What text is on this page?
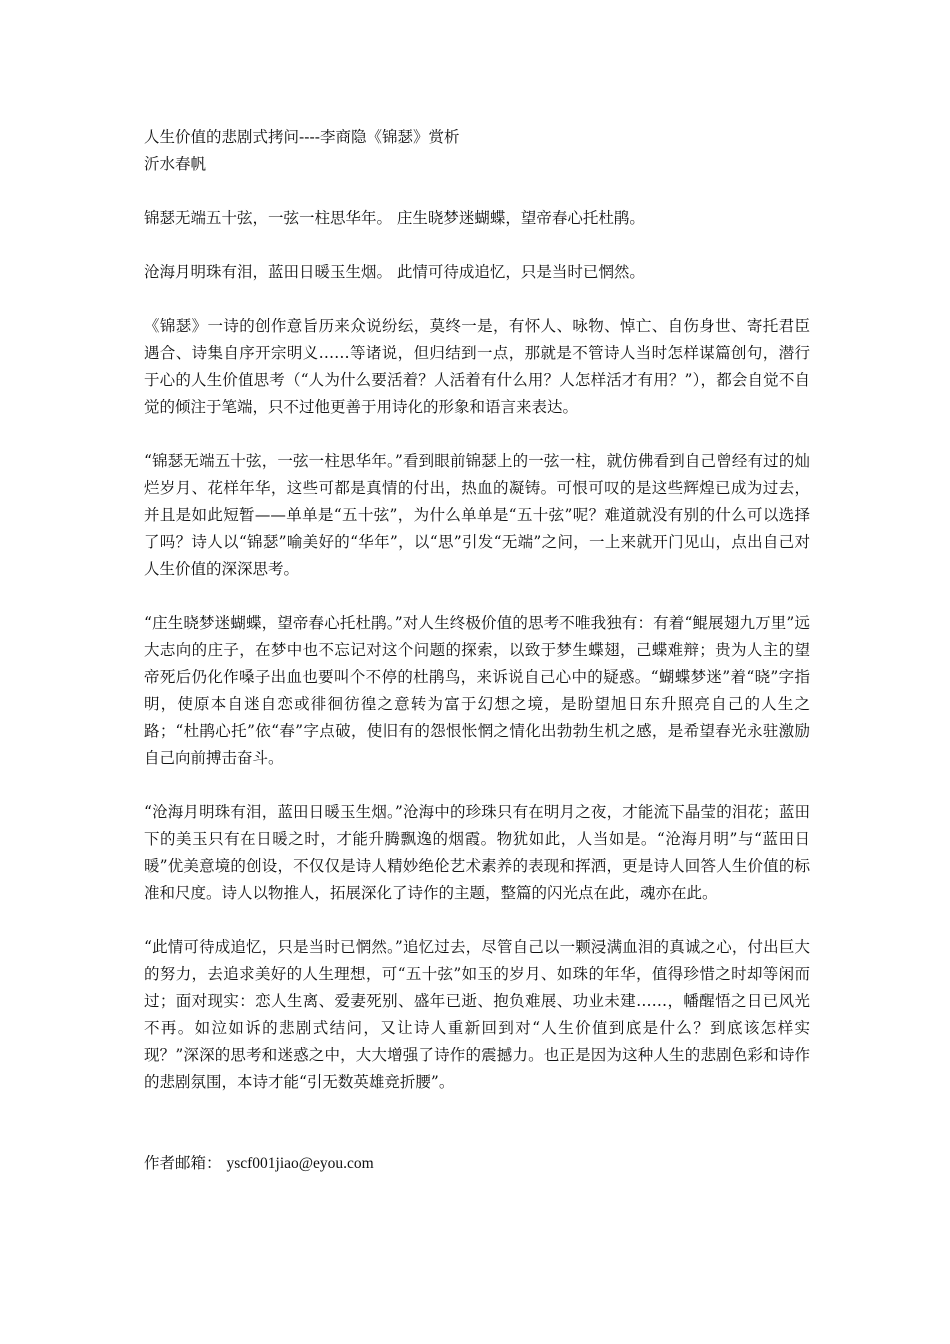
人生价值的悲剧式拷问----李商隐《锦瑟》赏析

沂水春帆

锦瑟无端五十弦，一弦一柱思华年。 庄生晓梦迷蝴蝶，望帝春心托杜鹃。

沧海月明珠有泪，蓝田日暖玉生烟。 此情可待成追忆，只是当时已惘然。

《锦瑟》一诗的创作意旨历来众说纷纭，莫终一是，有怀人、咏物、悼亡、自伤身世、寄托君臣遇合、诗集自序开宗明义……等诸说，但归结到一点，那就是不管诗人当时怎样谋篇创句，潜行于心的人生价值思考（“人为什么要活着？人活着有什么用？人怎样活才有用？”），都会自觉不自觉的倾注于笔端，只不过他更善于用诗化的形象和语言来表达。

“锦瑟无端五十弦，一弦一柱思华年。”看到眼前锦瑟上的一弦一柱，就仿佛看到自己曾经有过的灿烂岁月、花样年华，这些可都是真情的付出，热血的凝铸。可恨可叹的是这些辉煌已成为过去，并且是如此短暂——单单是“五十弦”，为什么单单是“五十弦”呢？难道就没有别的什么可以选择了吗？诗人以“锦瑟”喻美好的“华年”，以“思”引发“无端”之问，一上来就开门见山，点出自己对人生价值的深深思考。

“庄生晓梦迷蝴蝶，望帝春心托杜鹃。”对人生终极价值的思考不唯我独有：有着“鲲展翅九万里”远大志向的庄子，在梦中也不忘记对这个问题的探索，以致于梦生蝶翅，己蝶难辩；贵为人主的望帝死后仍化作嗓子出血也要叫个不停的杜鹃鸟，来诉说自己心中的疑惑。“蝴蝶梦迷”着“晓”字指明，使原本自迷自恋或徘徊彷徨之意转为富于幻想之境，是盼望旭日东升照亮自己的人生之路；“杜鹃心托”依“春”字点破，使旧有的怨恨怅惘之情化出勃勃生机之感，是希望春光永驻激励自己向前搏击奋斗。

“沧海月明珠有泪，蓝田日暖玉生烟。”沧海中的珍珠只有在明月之夜，才能流下晶莹的泪花；蓝田下的美玉只有在日暖之时，才能升腾飘逸的烟霞。物犹如此，人当如是。“沧海月明”与“蓝田日暖”优美意境的创设，不仅仅是诗人精妙绝伦艺术素养的表现和挥洒，更是诗人回答人生价值的标准和尺度。诗人以物推人，拓展深化了诗作的主题，整篇的闪光点在此，魂亦在此。

“此情可待成追忆，只是当时已惘然。”追忆过去，尽管自己以一颗浸满血泪的真诚之心，付出巨大的努力，去追求美好的人生理想，可“五十弦”如玉的岁月、如珠的年华，值得珍惜之时却等闲而过；面对现实：恋人生离、爱妻死别、盛年已逝、抱负难展、功业未建……，幡醒悟之日已风光不再。如泣如诉的悲剧式结问，又让诗人重新回到对“人生价值到底是什么？到底该怎样实现？”深深的思考和迷惑之中，大大增强了诗作的震撼力。也正是因为这种人生的悲剧色彩和诗作的悲剧氛围，本诗才能“引无数英雄竞折腰”。

作者邮箱： yscf001jiao@eyou.com
